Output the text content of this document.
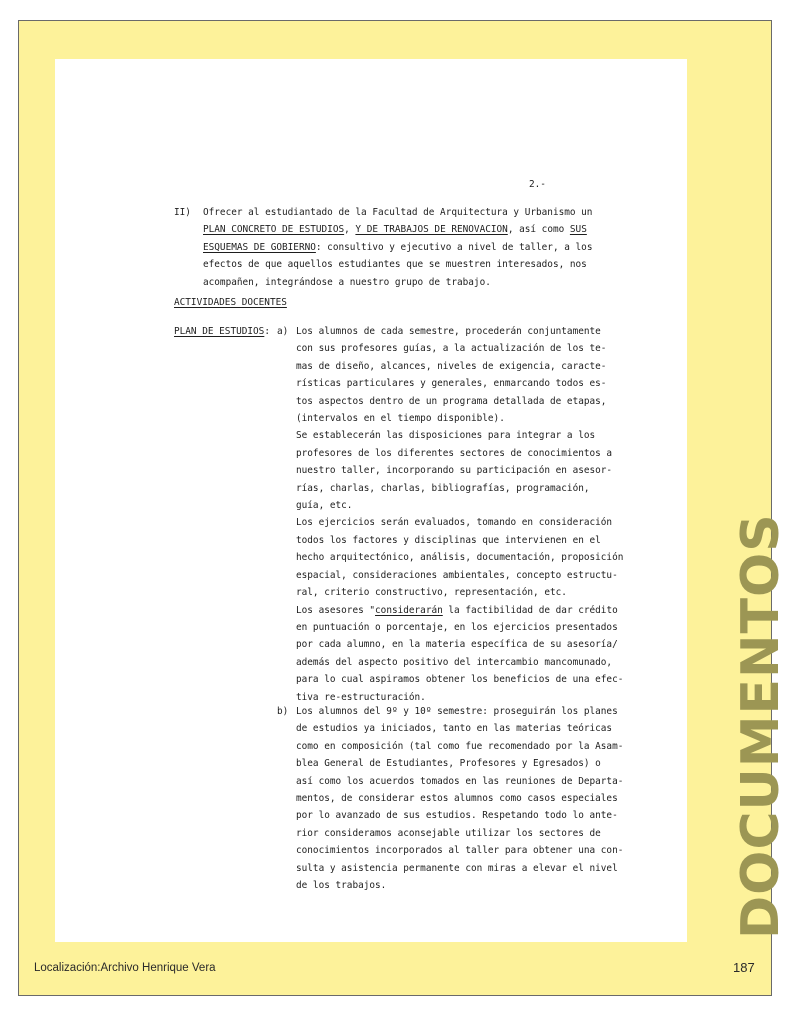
2.-
II) Ofrecer al estudiantado de la Facultad de Arquitectura y Urbanismo un
PLAN CONCRETO DE ESTUDIOS, Y DE TRABAJOS DE RENOVACION, así como SUS
ESQUEMAS DE GOBIERNO: consultivo y ejecutivo a nivel de taller, a los
efectos de que aquellos estudiantes que se muestren interesados, nos
acompañen, integrándose a nuestro grupo de trabajo.
ACTIVIDADES DOCENTES
PLAN DE ESTUDIOS: a) Los alumnos de cada semestre, procederán conjuntamente
con sus profesores guías, a la actualización de los te-
mas de diseño, alcances, niveles de exigencia, caracte-
rísticas particulares y generales, enmarcando todos es-
tos aspectos dentro de un programa detallada de etapas,
(intervalos en el tiempo disponible).
Se establecerán las disposiciones para integrar a los
profesores de los diferentes sectores de conocimientos a
nuestro taller, incorporando su participación en asesor-
rías, charlas, charlas, bibliografías, programación,
guía, etc.
Los ejercicios serán evaluados, tomando en consideración
todos los factores y disciplinas que intervienen en el
hecho arquitectónico, análisis, documentación, proposición
espacial, consideraciones ambientales, concepto estructu-
ral, criterio constructivo, representación, etc.
Los asesores "considerarán la factibilidad de dar crédito
en puntuación o porcentaje, en los ejercicios presentados
por cada alumno, en la materia específica de su asesoría/
además del aspecto positivo del intercambio mancomunado,
para lo cual aspiramos obtener los beneficios de una efec-
tiva re-estructuración.
b) Los alumnos del 9º y 10º semestre: proseguirán los planes
de estudios ya iniciados, tanto en las materias teóricas
como en composición (tal como fue recomendado por la Asam-
blea General de Estudiantes, Profesores y Egresados) o
así como los acuerdos tomados en las reuniones de Departa-
mentos, de considerar estos alumnos como casos especiales
por lo avanzado de sus estudios. Respetando todo lo ante-
rior consideramos aconsejable utilizar los sectores de
conocimientos incorporados al taller para obtener una con-
sulta y asistencia permanente con miras a elevar el nivel
de los trabajos.	DOCUMENTOS
Localización:Archivo Henrique Vera	187
